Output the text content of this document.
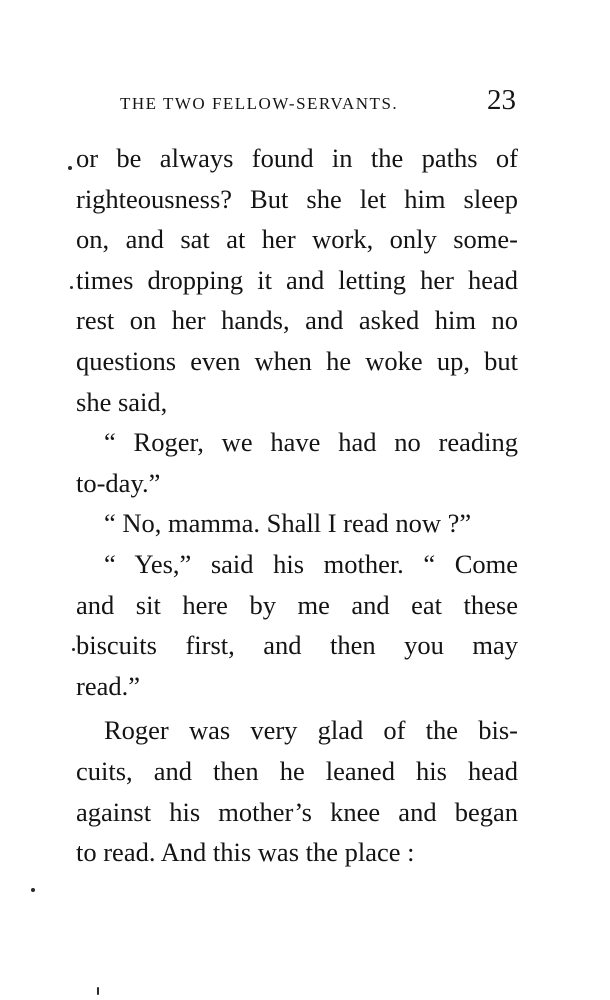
THE TWO FELLOW-SERVANTS.	23
or be always found in the paths of
righteousness? But she let him sleep
on, and sat at her work, only some-
times dropping it and letting her head
rest on her hands, and asked him no
questions even when he woke up, but
she said,
“ Roger, we have had no reading
to-day.”
“ No, mamma. Shall I read now ?”
“ Yes,” said his mother. “ Come
and sit here by me and eat these
biscuits first, and then you may
read.”
Roger was very glad of the bis-
cuits, and then he leaned his head
against his mother’s knee and began
to read. And this was the place :
